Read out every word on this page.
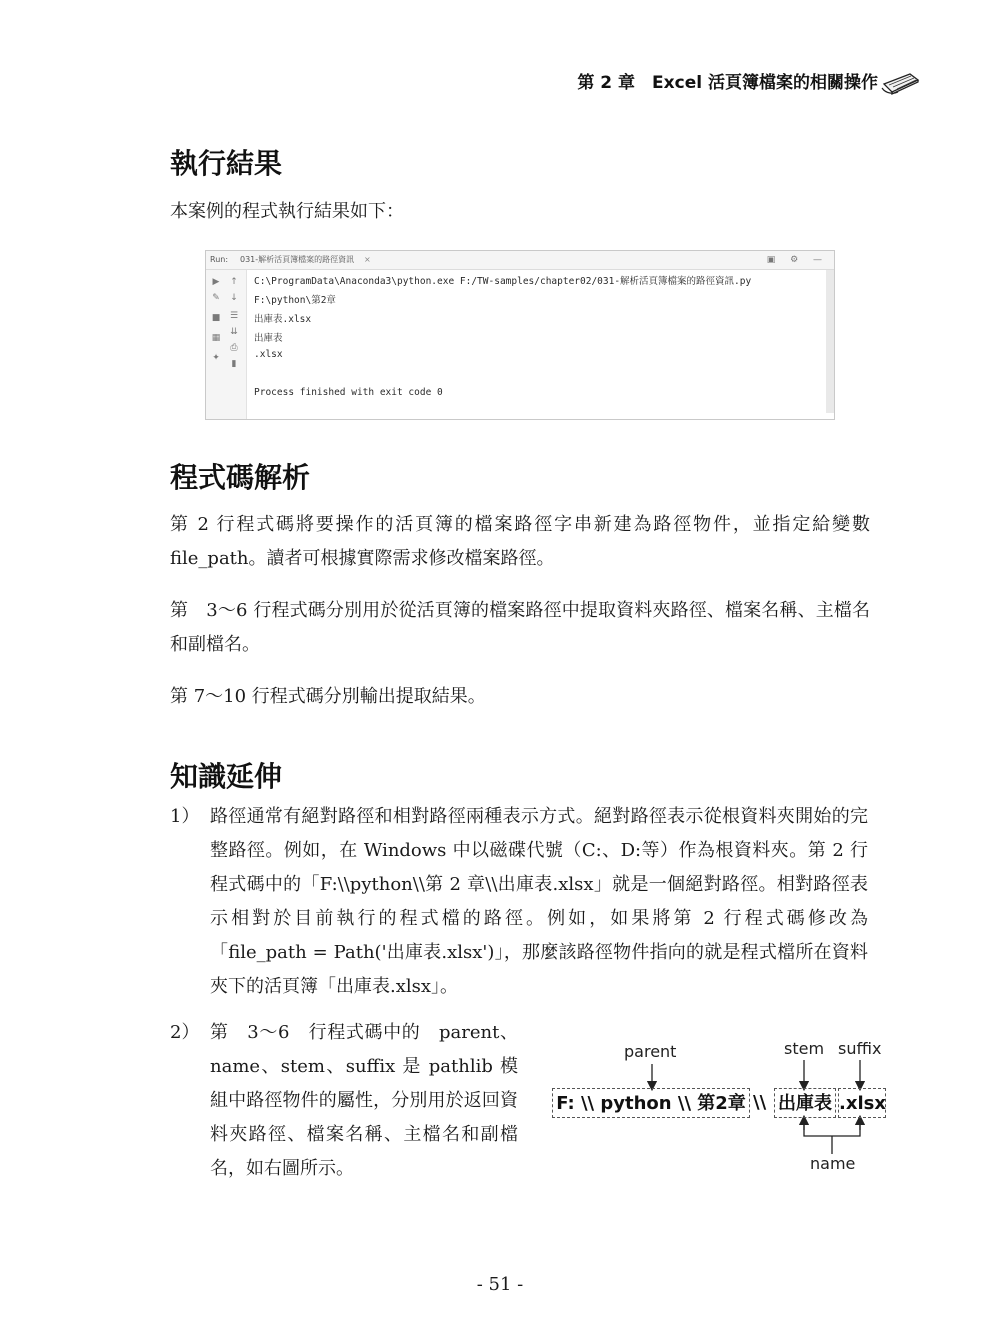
第 2 章　Excel 活頁簿檔案的相關操作
執行結果
本案例的程式執行結果如下：
Run: 031-解析活頁簿檔案的路徑資訊 ×	▣ ⚙ —
▶ ↑
✎ ↓
■ ☰
⇊
▦
⎙
✦
▮
C:\ProgramData\Anaconda3\python.exe F:/TW-samples/chapter02/031-解析活頁簿檔案的路徑資訊.py
F:\python\第2章
出庫表.xlsx
出庫表
.xlsx
Process finished with exit code 0
程式碼解析
第 2 行程式碼將要操作的活頁簿的檔案路徑字串新建為路徑物件，並指定給變數 file_path。讀者可根據實際需求修改檔案路徑。
第　3～6 行程式碼分別用於從活頁簿的檔案路徑中提取資料夾路徑、檔案名稱、主檔名和副檔名。
第 7～10 行程式碼分別輸出提取結果。
知識延伸
1） 路徑通常有絕對路徑和相對路徑兩種表示方式。絕對路徑表示從根資料夾開始的完整路徑。例如，在 Windows 中以磁碟代號（C:、D:等）作為根資料夾。第 2 行程式碼中的「F:\\python\\第 2 章\\出庫表.xlsx」就是一個絕對路徑。相對路徑表示相對於目前執行的程式檔的路徑。例如，如果將第 2 行程式碼修改為「file_path = Path('出庫表.xlsx')」，那麼該路徑物件指向的就是程式檔所在資料夾下的活頁簿「出庫表.xlsx」。
2） 第　3～6　行程式碼中的　parent、name、stem、suffix 是 pathlib 模組中路徑物件的屬性，分別用於返回資料夾路徑、檔案名稱、主檔名和副檔名，如右圖所示。
parent	stem suffix
F: \\ python \\ 第2章 \\ 出庫表 .xlsx
name
- 51 -
